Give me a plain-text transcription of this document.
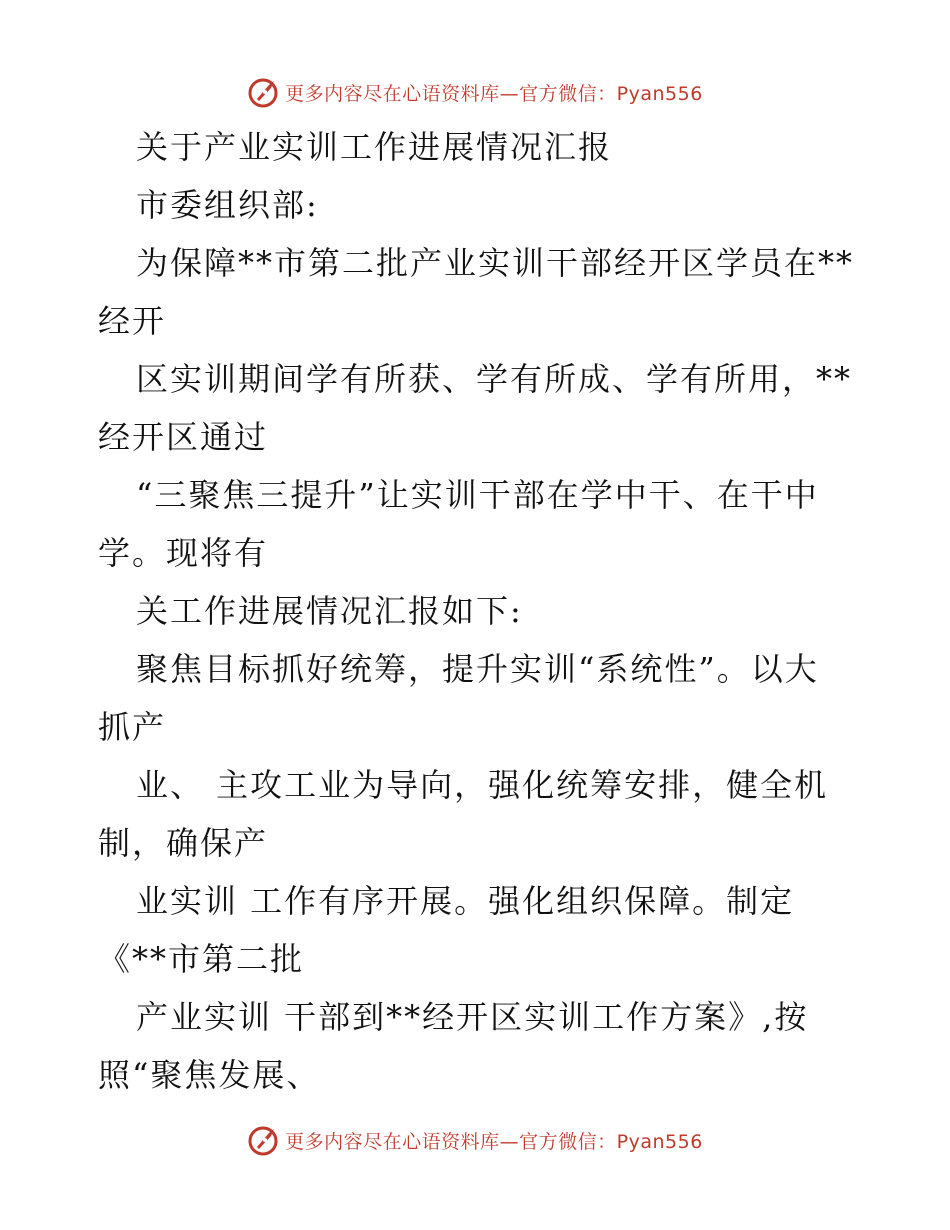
更多内容尽在心语资料库—官方微信：Pyan556
关于产业实训工作进展情况汇报
市委组织部:
为保障**市第二批产业实训干部经开区学员在**
经开
区实训期间学有所获、学有所成、学有所用，**
经开区通过
“三聚焦三提升”让实训干部在学中干、在干中
学。现将有
关工作进展情况汇报如下:
聚焦目标抓好统筹，提升实训“系统性”。以大
抓产
业、 主攻工业为导向，强化统筹安排，健全机
制，确保产
业实训 工作有序开展。强化组织保障。制定
《**市第二批
产业实训 干部到**经开区实训工作方案》,按
照“聚焦发展、
更多内容尽在心语资料库—官方微信：Pyan556
